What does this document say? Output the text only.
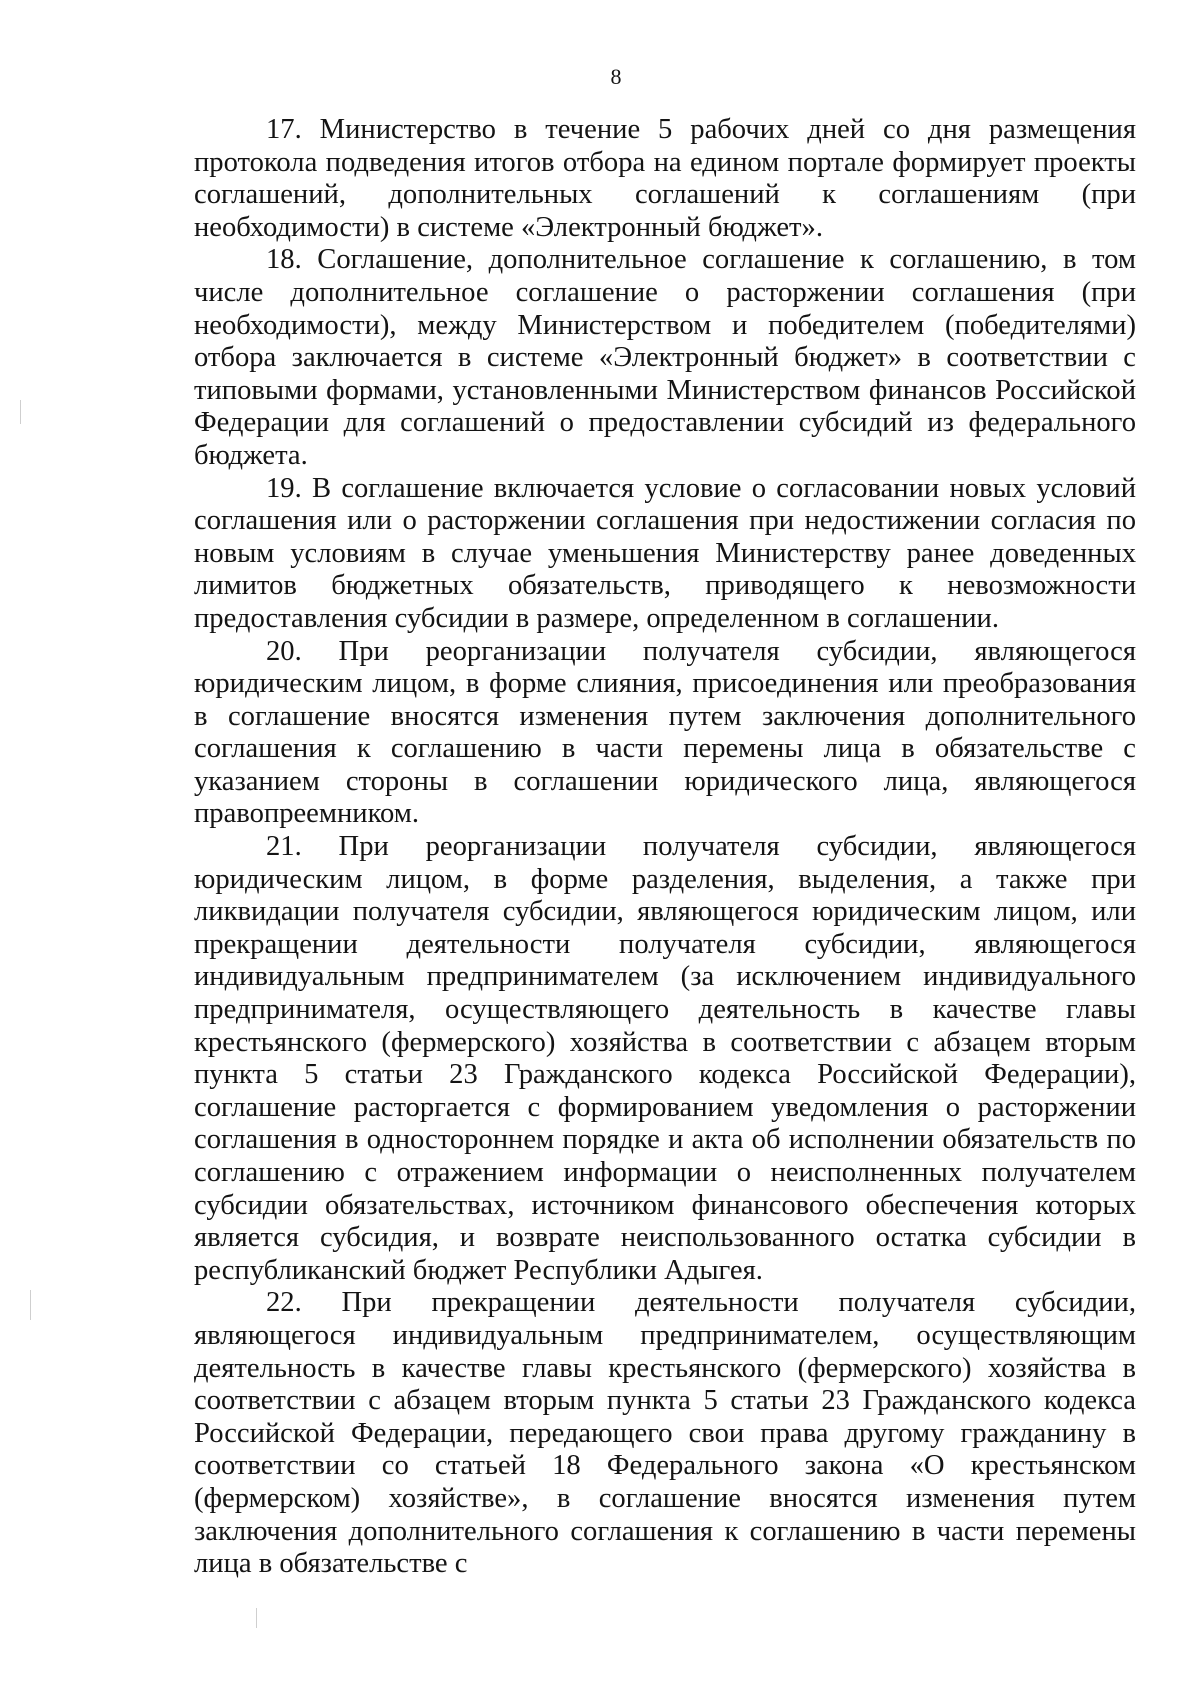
8

17. Министерство в течение 5 рабочих дней со дня размещения протокола подведения итогов отбора на едином портале формирует проекты соглашений, дополнительных соглашений к соглашениям (при необходимости) в системе «Электронный бюджет».

18. Соглашение, дополнительное соглашение к соглашению, в том числе дополнительное соглашение о расторжении соглашения (при необходимости), между Министерством и победителем (победителями) отбора заключается в системе «Электронный бюджет» в соответствии с типовыми формами, установленными Министерством финансов Российской Федерации для соглашений о предоставлении субсидий из федерального бюджета.

19. В соглашение включается условие о согласовании новых условий соглашения или о расторжении соглашения при недостижении согласия по новым условиям в случае уменьшения Министерству ранее доведенных лимитов бюджетных обязательств, приводящего к невозможности предоставления субсидии в размере, определенном в соглашении.

20. При реорганизации получателя субсидии, являющегося юридическим лицом, в форме слияния, присоединения или преобразования в соглашение вносятся изменения путем заключения дополнительного соглашения к соглашению в части перемены лица в обязательстве с указанием стороны в соглашении юридического лица, являющегося правопреемником.

21. При реорганизации получателя субсидии, являющегося юридическим лицом, в форме разделения, выделения, а также при ликвидации получателя субсидии, являющегося юридическим лицом, или прекращении деятельности получателя субсидии, являющегося индивидуальным предпринимателем (за исключением индивидуального предпринимателя, осуществляющего деятельность в качестве главы крестьянского (фермерского) хозяйства в соответствии с абзацем вторым пункта 5 статьи 23 Гражданского кодекса Российской Федерации), соглашение расторгается с формированием уведомления о расторжении соглашения в одностороннем порядке и акта об исполнении обязательств по соглашению с отражением информации о неисполненных получателем субсидии обязательствах, источником финансового обеспечения которых является субсидия, и возврате неиспользованного остатка субсидии в республиканский бюджет Республики Адыгея.

22. При прекращении деятельности получателя субсидии, являющегося индивидуальным предпринимателем, осуществляющим деятельность в качестве главы крестьянского (фермерского) хозяйства в соответствии с абзацем вторым пункта 5 статьи 23 Гражданского кодекса Российской Федерации, передающего свои права другому гражданину в соответствии со статьей 18 Федерального закона «О крестьянском (фермерском) хозяйстве», в соглашение вносятся изменения путем заключения дополнительного соглашения к соглашению в части перемены лица в обязательстве с
